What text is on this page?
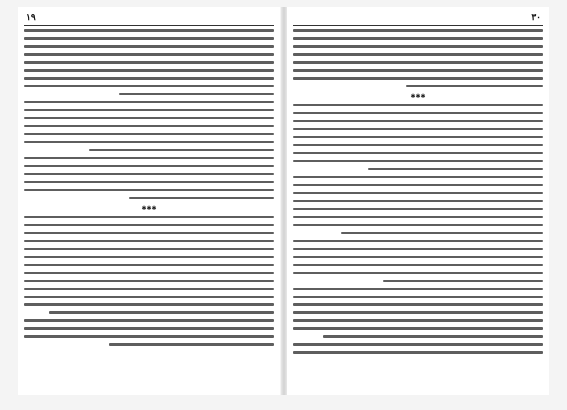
۱۹
✱✱✱
۳۰
✱✱✱
